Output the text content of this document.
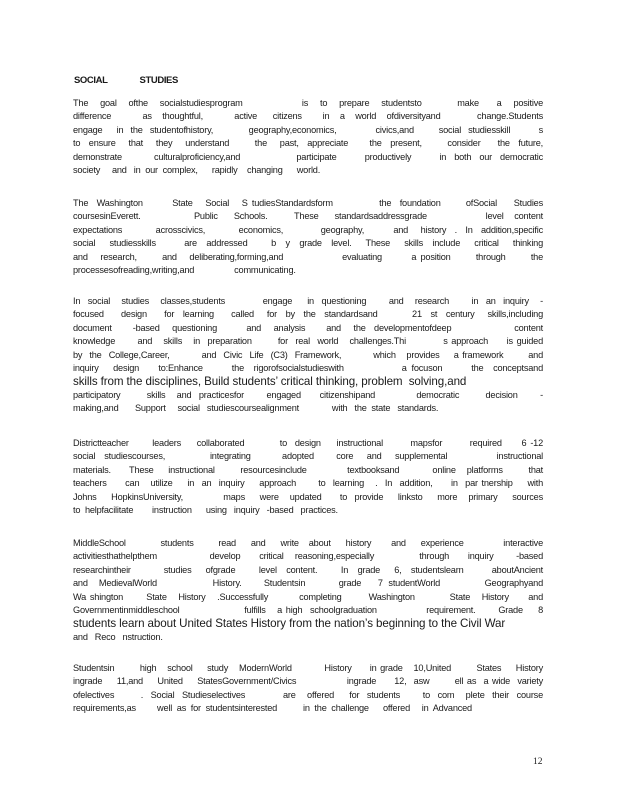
SOCIAL STUDIES
The  goal  ofthe  socialstudiesprogram          is  to  prepare  studentsto      make   a  positive
difference      as  thoughtful,      active   citizens    in  a  world  ofdiversityand       change.Students
engage    in  the  studentofhistory,          geography,economics,           civics,and       social  studiesskill        s
to  ensure   that   they   understand      the   past,  appreciate     the  present,      consider    the  future,
demonstrate        culturalproficiency,and              participate       productively       in  both  our  democratic
society     and   in  our  complex,      rapidly    changing      world.
The  Washington       State   Social   S tudiesStandardsform           the  foundation      ofSocial    Studies
coursesinEverett.          Public   Schools.     These   standardsaddressgrade           level  content
expectations        acrosscivics,        economics,         geography,       and   history  .  In  addition,specific
social   studiesskills      are  addressed     b  y  grade  level.   These   skills  include   critical   thinking
and   research,      and   deliberating,forming,and              evaluating       a position      through      the
processesofreading,writing,and                 communicating.
In  social   studies   classes,students          engage    in  questioning      and   research      in  an  inquiry   -
focused    design    for  learning    called   for  by  the  standardsand        21  st  century   skills,including
document     -based   questioning       and   analysis     and   the  developmentofdeep               content
knowledge      and   skills   in  preparation       for  real  world   challenges.Thi          s approach     is guided
by  the  College,Career,         and  Civic  Life  (C3)  Framework,         which   provides    a framework       and
inquiry   design    to:Enhance      the  rigorofsocialstudieswith            a focuson      the  conceptsand
skills from the disciplines, Build students’ critical thinking, problem  solving,and
participatory       skills   and  practicesfor      engaged     citizenshipand           democratic       decision      -
making,and       Support     social   studiescoursealignment              with   the  state   standards.
Districtteacher      leaders    collaborated         to  design    instructional       mapsfor       required     6 -12
social  studiescourses,          integrating       adopted     core   and   supplemental           instructional
materials.     These    instructional       resourcesinclude           textbooksand         online   platforms       that
teachers     can   utilize    in  an  inquiry    approach      to  learning   .  In  addition,     in  par tnership    with
Johns    HopkinsUniversity,           maps    were   updated     to  provide    linksto    more   primary    sources
to  helpfacilitate        instruction      using   inquiry   -based   practices.
MiddleSchool       students     read   and   write  about   history    and   experience        interactive
activitiesthathelpthem              develop     critical   reasoning,especially            through     inquiry      -based
researchintheir       studies   ofgrade     level  content.     In  grade   6,  studentslearn      aboutAncient
and  MedievalWorld          History.    Studentsin      grade   7 studentWorld        Geographyand
Wa shington      State   History   .Successfully        completing       Washington         State   History     and
Governmentinmiddleschool                 fulfills   a high  schoolgraduation             requirement.      Grade    8
students learn about United States History from the nation’s beginning to the Civil War
and   Reco   nstruction.
Studentsin       high   school    study   ModernWorld         History     in grade   10,United       States    History
ingrade    11,and    United    StatesGovernment/Civics              ingrade     12,  asw       ell as  a wide  variety
ofelectives       .  Social  Studieselectives          are   offered    for  students      to  com   plete  their  course
requirements,as         well  as  for  studentsinterested           in  the  challenge      offered     in  Advanced
12
